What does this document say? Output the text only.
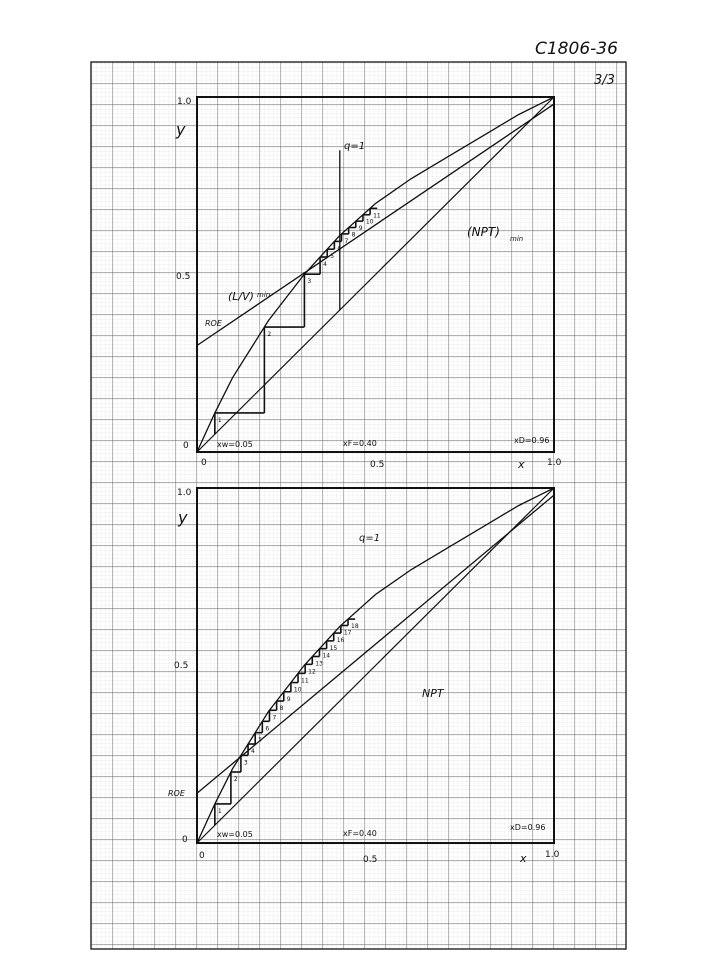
C1806-36
3/3
1.0
y
0.5
0
0	0.5	1.0
x
xw=0.05	xF=0.40	xD=0.96
q=1
(NPT) min
(L/V) min
ROE
1
2
3
4
5
6
7
8
9
10
11
1.0
y
0.5
0
0	0.5	1.0
x
xw=0.05	xF=0.40
xD=0.96
q=1
NPT
ROE
1
2
3
4
5
6
7
8
9
10
11
12
13
14
15
16
17
18
